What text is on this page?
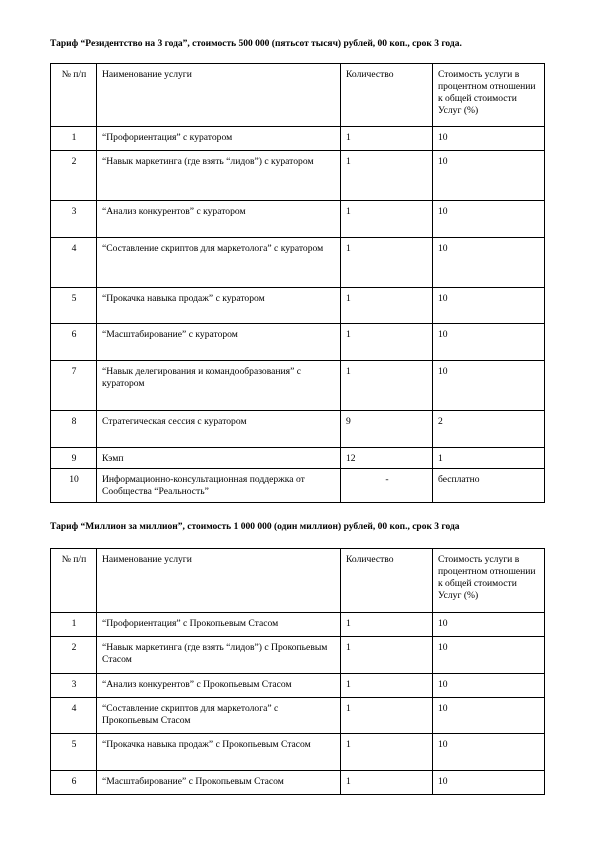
Тариф “Резидентство на 3 года”, стоимость 500 000 (пятьсот тысяч) рублей, 00 коп., срок 3 года.
№ п/п	Наименование услуги	Количество	Стоимость услуги в процентном отношении к общей стоимости Услуг (%)
1	“Профориентация” с куратором	1	10
2	“Навык маркетинга (где взять “лидов”) с куратором	1	10
3	“Анализ конкурентов” с куратором	1	10
4	“Составление скриптов для маркетолога” с куратором	1	10
5	“Прокачка навыка продаж” с куратором	1	10
6	“Масштабирование” с куратором	1	10
7	“Навык делегирования и командообразования” с куратором	1	10
8	Стратегическая сессия с куратором	9	2
9	Кэмп	12	1
10	Информационно-консультационная поддержка от Сообщества “Реальность”	-	бесплатно
Тариф “Миллион за миллион”, стоимость 1 000 000 (один миллион) рублей, 00 коп., срок 3 года
№ п/п	Наименование услуги	Количество	Стоимость услуги в процентном отношении к общей стоимости Услуг (%)
1	“Профориентация” с Прокопьевым Стасом	1	10
2	“Навык маркетинга (где взять “лидов”) с Прокопьевым Стасом	1	10
3	“Анализ конкурентов” с Прокопьевым Стасом	1	10
4	“Составление скриптов для маркетолога” с Прокопьевым Стасом	1	10
5	“Прокачка навыка продаж” с Прокопьевым Стасом	1	10
6	“Масштабирование” с Прокопьевым Стасом	1	10
